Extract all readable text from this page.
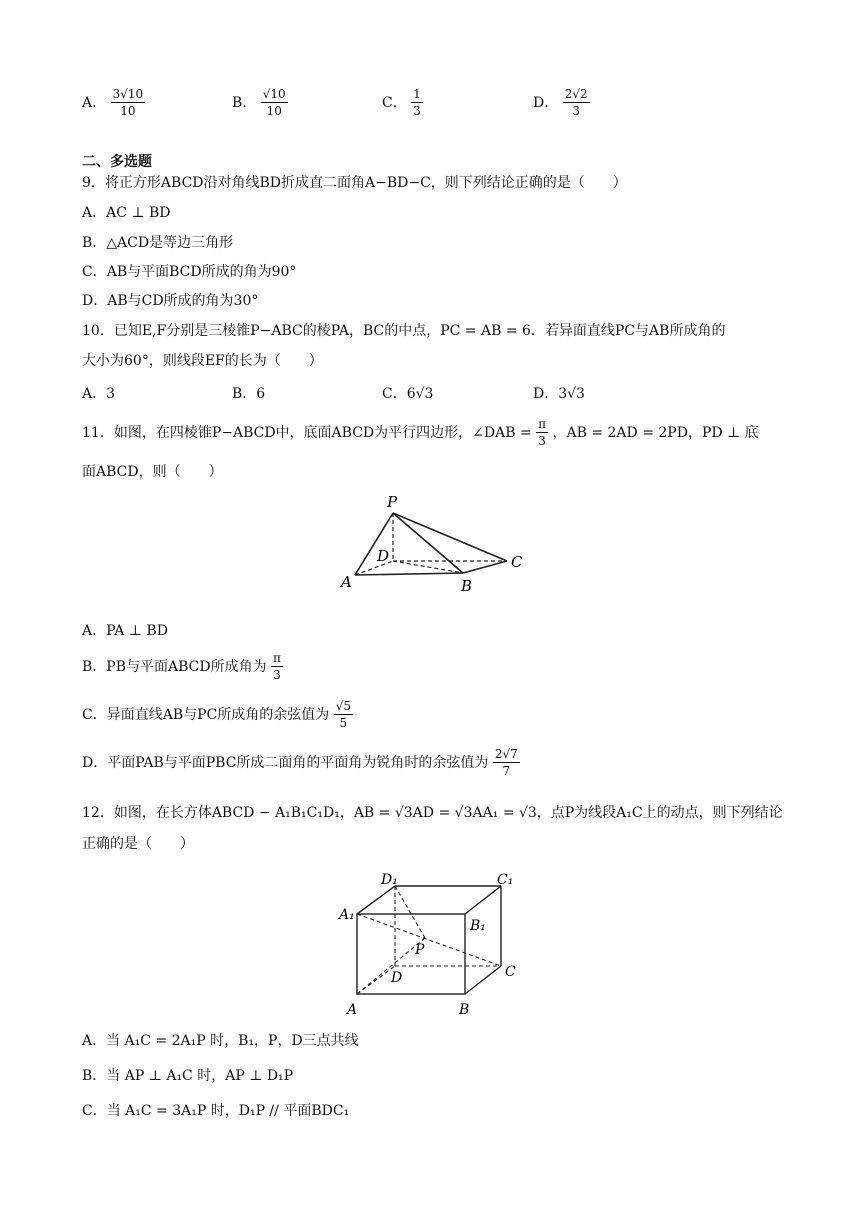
A． $\frac{3√10}{10}$	B． $\frac{√10}{10}$	C． $\frac{1}{3}$	D． $\frac{2√2}{3}$
二、多选题
9．将正方形ABCD沿对角线BD折成直二面角A−BD−C，则下列结论正确的是（　　）
A．AC ⊥ BD
B．△ACD是等边三角形
C．AB与平面BCD所成的角为90°
D．AB与CD所成的角为30°
10．已知E,F分别是三棱锥P−ABC的棱PA，BC的中点，PC = AB = 6．若异面直线PC与AB所成角的
大小为60°，则线段EF的长为（　　）
A．3	B．6	C．6√3	D．3√3
11．如图，在四棱锥P−ABCD中，底面ABCD为平行四边形，∠DAB = $\frac{\pi}{3}$ ，AB = 2AD = 2PD，PD ⊥ 底
面ABCD，则（　　）
P
D
A	B
C
A．PA ⊥ BD
B．PB与平面ABCD所成角为 $\frac{\pi}{3}$
C．异面直线AB与PC所成角的余弦值为 $\frac{√5}{5}$
D．平面PAB与平面PBC所成二面角的平面角为锐角时的余弦值为 $\frac{2√7}{7}$
12．如图，在长方体ABCD − A₁B₁C₁D₁，AB = √3AD = √3AA₁ = √3，点P为线段A₁C上的动点，则下列结论
正确的是（　　）
D₁	C₁
A₁
B₁
P
D	C
A	B
A．当 A₁C = 2A₁P 时，B₁，P，D三点共线
B．当 AP ⊥ A₁C 时，AP ⊥ D₁P
C．当 A₁C = 3A₁P 时，D₁P // 平面BDC₁
